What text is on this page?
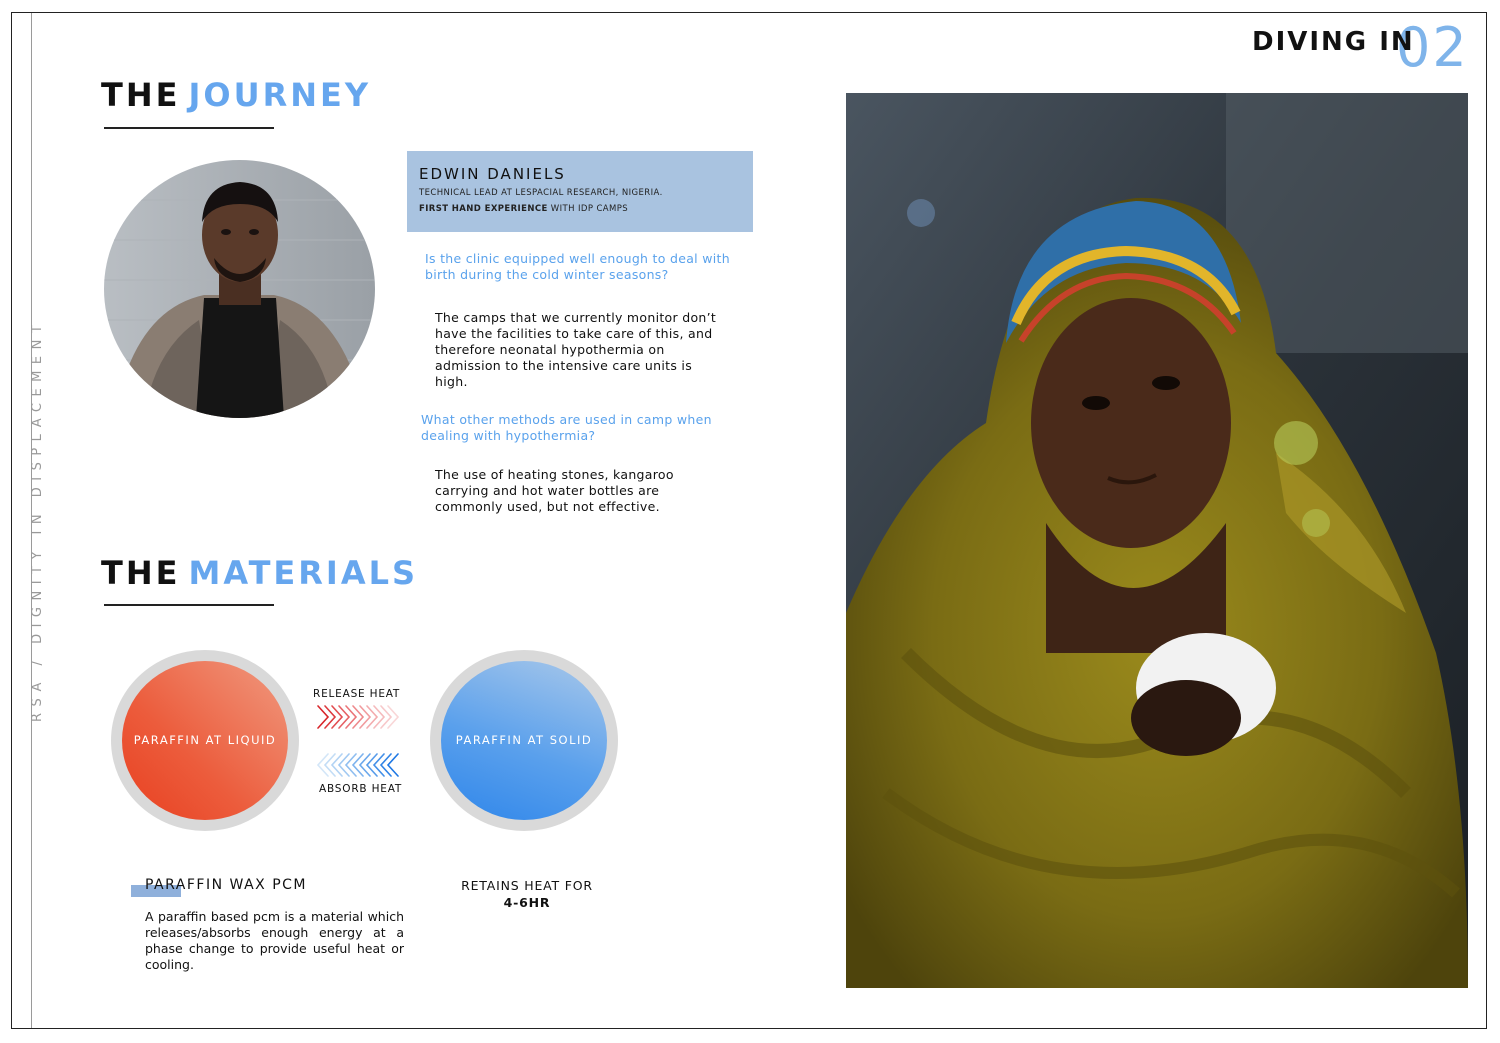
RSA / DIGNITY IN DISPLACEMENT
02
DIVING IN
THE JOURNEY
EDWIN DANIELS
TECHNICAL LEAD AT LESPACIAL RESEARCH, NIGERIA.
FIRST HAND EXPERIENCE WITH IDP CAMPS
Is the clinic equipped well enough to deal with birth during the cold winter seasons?
The camps that we currently monitor don’t have the facilities to take care of this, and therefore neonatal hypothermia on admission to the intensive care units is high.
What other methods are used in camp when dealing with hypothermia?
The use of heating stones, kangaroo carrying and hot water bottles are commonly used, but not effective.
THE MATERIALS
PARAFFIN AT LIQUID
RELEASE HEAT
ABSORB HEAT
PARAFFIN AT SOLID
PARAFFIN WAX PCM
A paraffin based pcm is a material which releases/absorbs enough energy at a phase change to provide useful heat or cooling.
RETAINS HEAT FOR
4-6HR
